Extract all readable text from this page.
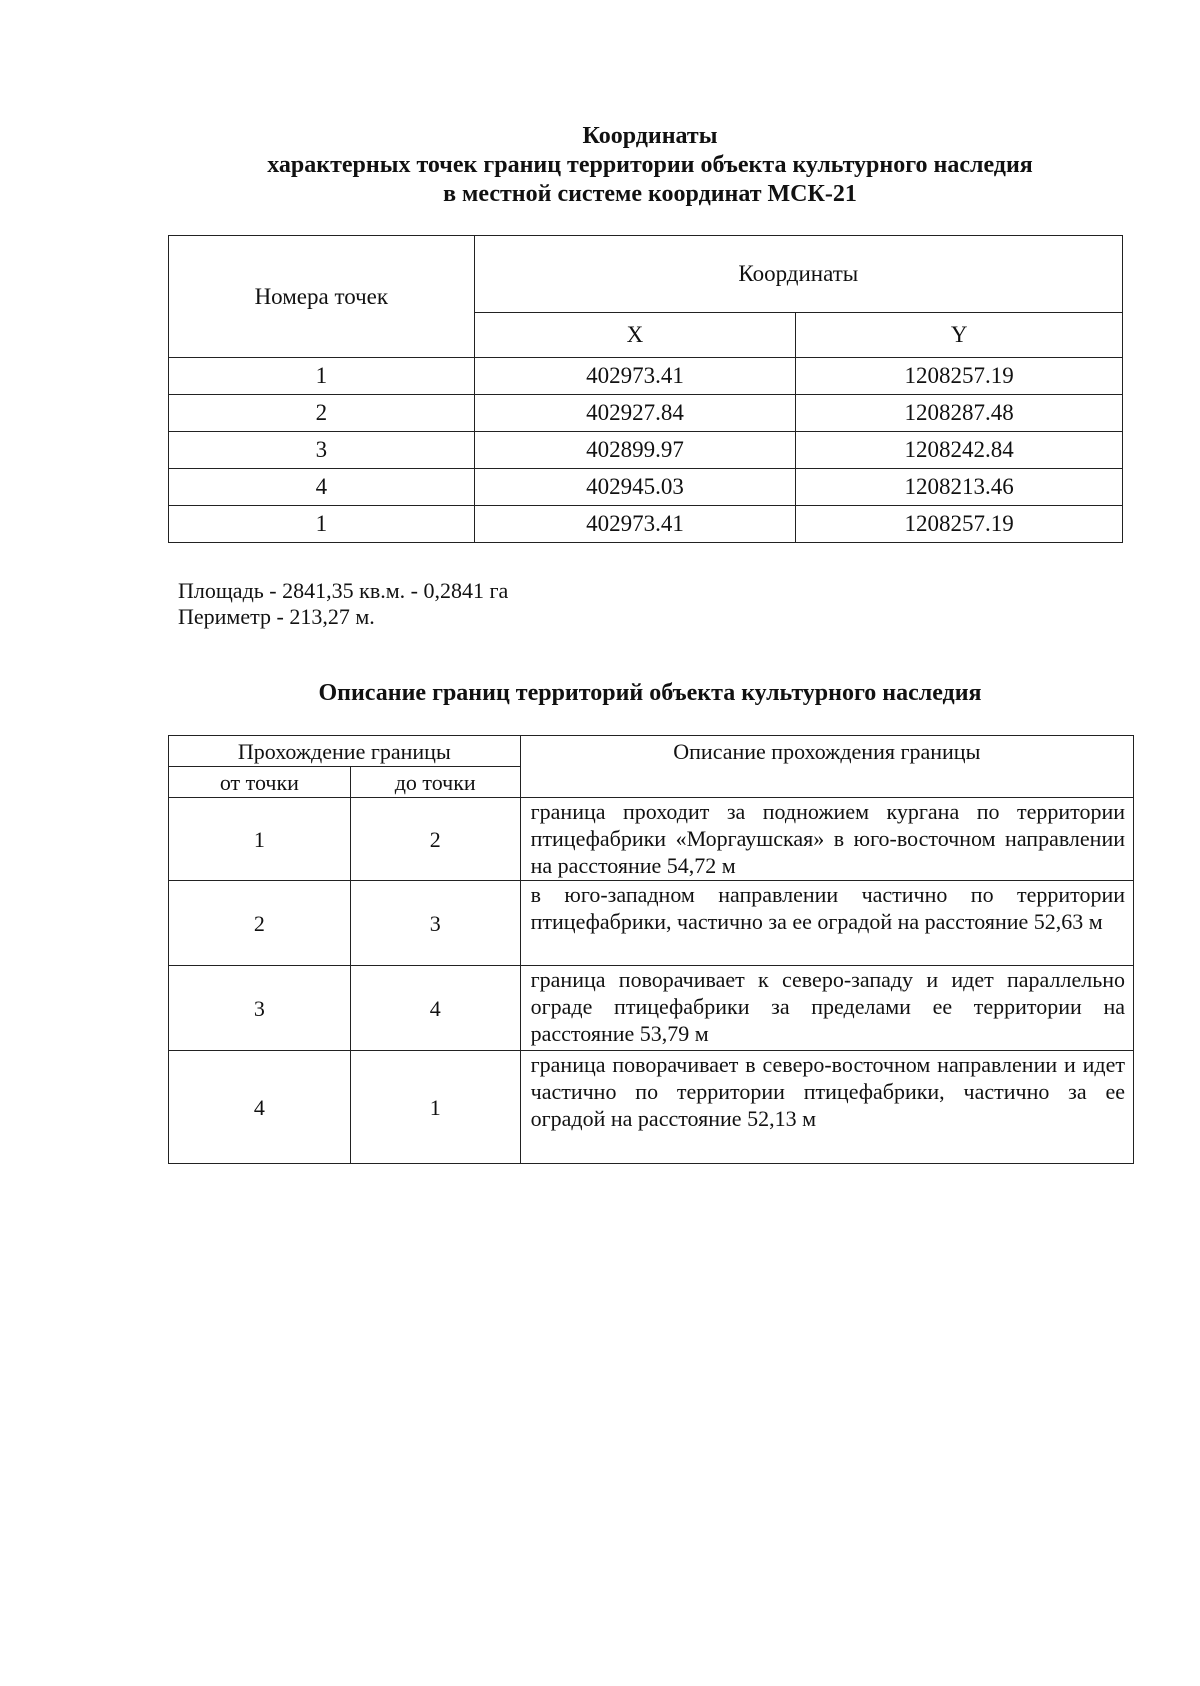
Координаты
характерных точек границ территории объекта культурного наследия
в местной системе координат МСК-21
Номера точек	Координаты	
	X	Y
1	402973.41	1208257.19
2	402927.84	1208287.48
3	402899.97	1208242.84
4	402945.03	1208213.46
1	402973.41	1208257.19
Площадь - 2841,35 кв.м. - 0,2841 га
Периметр - 213,27 м.
Описание границ территорий объекта культурного наследия
Прохождение границы		Описание прохождения границы
от точки	до точки	
1	2	граница проходит за подножием кургана по территории птицефабрики «Моргаушская» в юго-восточном направлении на расстояние 54,72 м
2	3	в юго-западном направлении частично по территории птицефабрики, частично за ее оградой на расстояние 52,63 м
3	4	граница поворачивает к северо-западу и идет параллельно ограде птицефабрики за пределами ее территории на расстояние 53,79 м
4	1	граница поворачивает в северо-восточном направлении и идет частично по территории птицефабрики, частично за ее оградой на расстояние 52,13 м
